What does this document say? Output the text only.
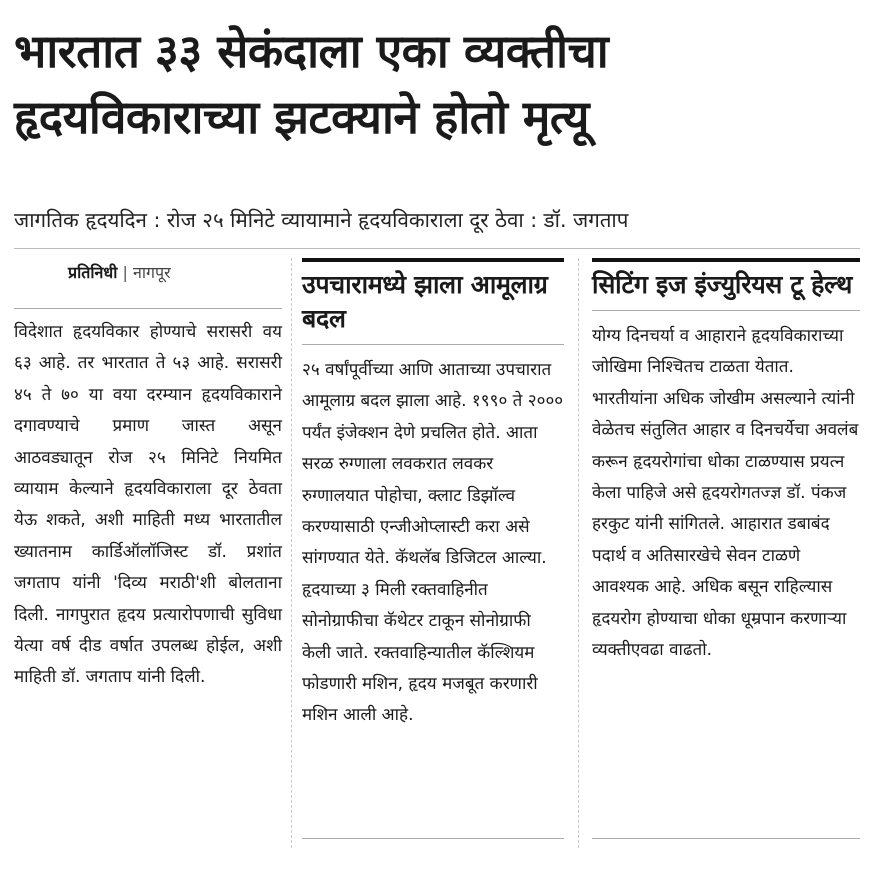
भारतात ३३ सेकंदाला एका व्यक्तीचा हृदयविकाराच्या झटक्याने होतो मृत्यू
जागतिक हृदयदिन : रोज २५ मिनिटे व्यायामाने हृदयविकाराला दूर ठेवा : डॉ. जगताप
प्रतिनिधी | नागपूर

विदेशात हृदयविकार होण्याचे सरासरी वय ६३ आहे. तर भारतात ते ५३ आहे. सरासरी ४५ ते ७० या वया दरम्यान हृदयविकाराने दगावण्याचे प्रमाण जास्त असून आठवड्यातून रोज २५ मिनिटे नियमित व्यायाम केल्याने हृदयविकाराला दूर ठेवता येऊ शकते, अशी माहिती मध्य भारतातील ख्यातनाम कार्डिऑलॉजिस्ट डॉ. प्रशांत जगताप यांनी 'दिव्य मराठी'शी बोलताना दिली. नागपुरात हृदय प्रत्यारोपणाची सुविधा येत्या वर्ष दीड वर्षात उपलब्ध होईल, अशी माहिती डॉ. जगताप यांनी दिली.

उपचारामध्ये झाला आमूलाग्र बदल

२५ वर्षांपूर्वीच्या आणि आताच्या उपचारात आमूलाग्र बदल झाला आहे. १९९० ते २००० पर्यंत इंजेक्शन देणे प्रचलित होते. आता सरळ रुग्णाला लवकरात लवकर रुग्णालयात पोहोचा, क्लाट डिझॉल्व करण्यासाठी एन्जीओप्लास्टी करा असे सांगण्यात येते. कॅथलॅब डिजिटल आल्या. हृदयाच्या ३ मिली रक्तवाहिनीत सोनोग्राफीचा कॅथेटर टाकून सोनोग्राफी केली जाते. रक्तवाहिन्यातील कॅल्शियम फोडणारी मशिन, हृदय मजबूत करणारी मशिन आली आहे.

सिटिंग इज इंज्युरियस टू हेल्थ

योग्य दिनचर्या व आहाराने हृदयविकाराच्या जोखिमा निश्चितच टाळता येतात. भारतीयांना अधिक जोखीम असल्याने त्यांनी वेळेतच संतुलित आहार व दिनचर्येचा अवलंब करून हृदयरोगांचा धोका टाळण्यास प्रयत्न केला पाहिजे असे हृदयरोगतज्ज्ञ डॉ. पंकज हरकुट यांनी सांगितले. आहारात डबाबंद पदार्थ व अतिसारखेचे सेवन टाळणे आवश्यक आहे. अधिक बसून राहिल्यास हृदयरोग होण्याचा धोका धूम्रपान करणाऱ्या व्यक्तीएवढा वाढतो.
